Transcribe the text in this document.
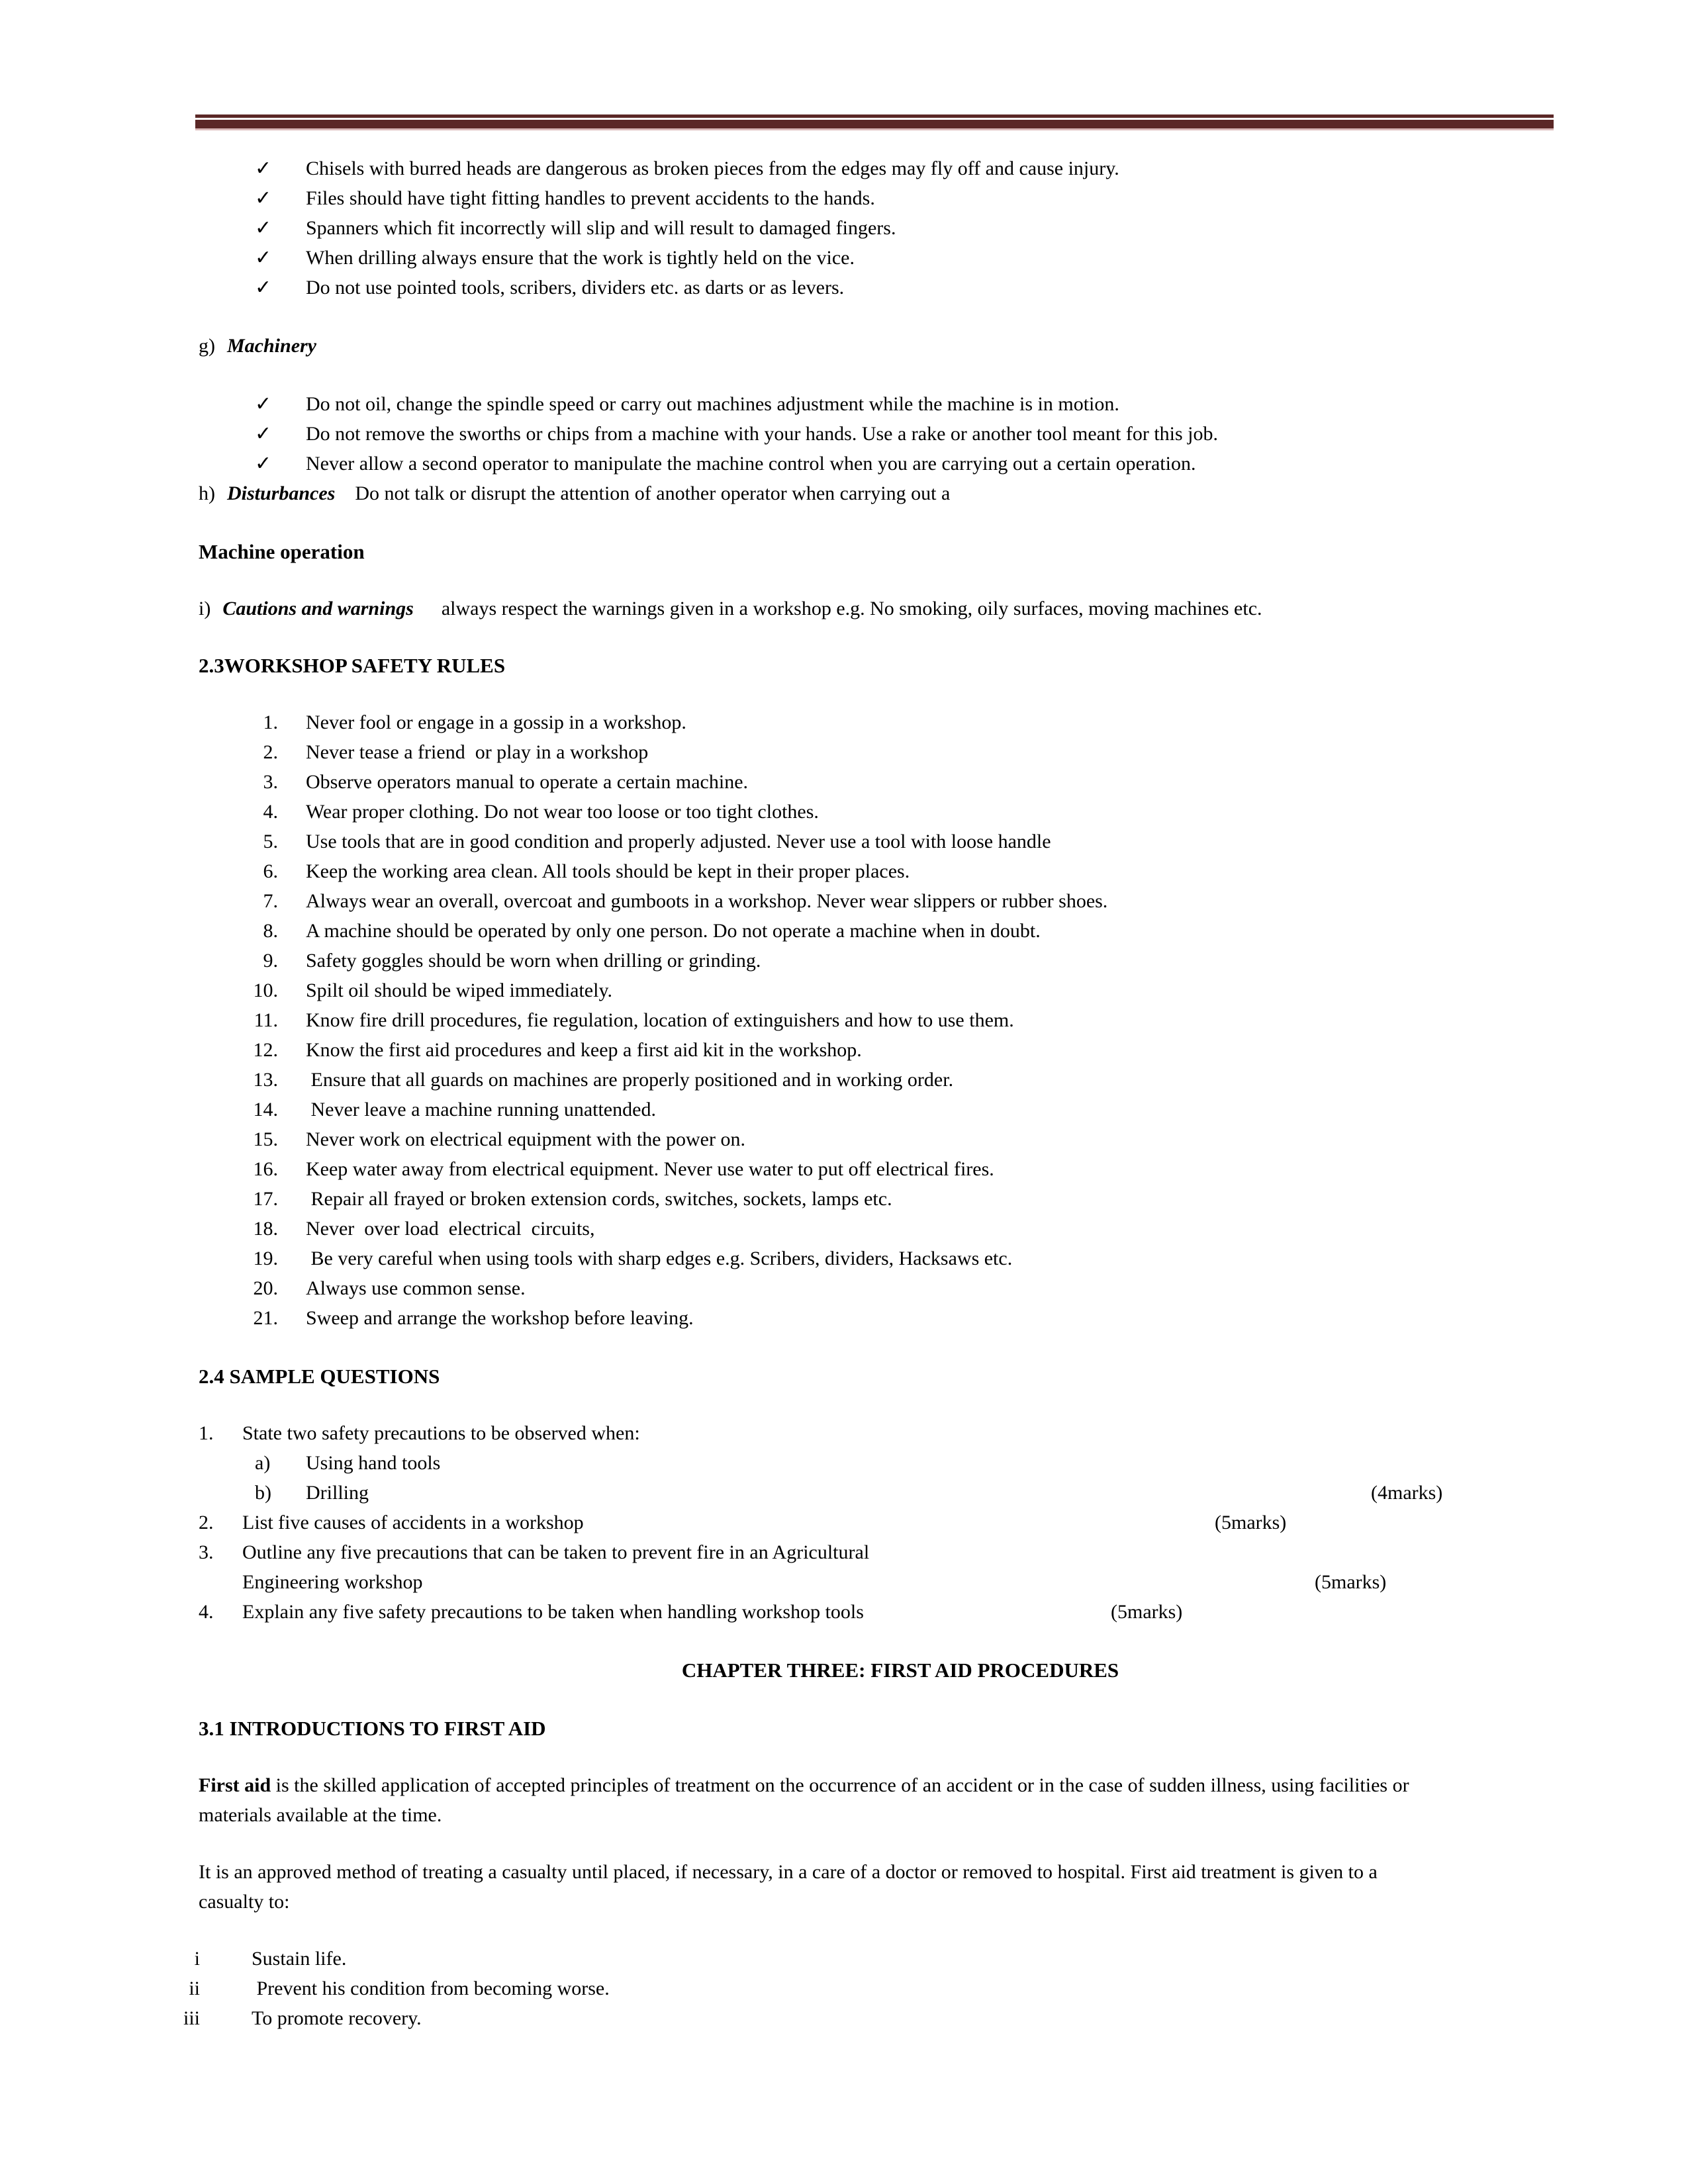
✓	Chisels with burred heads are dangerous as broken pieces from the edges may fly off and cause injury.
✓	Files should have tight fitting handles to prevent accidents to the hands.
✓	Spanners which fit incorrectly will slip and will result to damaged fingers.
✓	When drilling always ensure that the work is tightly held on the vice.
✓	Do not use pointed tools, scribers, dividers etc. as darts or as levers.
g) Machinery
✓	Do not oil, change the spindle speed or carry out machines adjustment while the machine is in motion.
✓	Do not remove the sworths or chips from a machine with your hands. Use a rake or another tool meant for this job.
✓	Never allow a second operator to manipulate the machine control when you are carrying out a certain operation.
h) Disturbances Do not talk or disrupt the attention of another operator when carrying out a
Machine operation
i) Cautions and warnings always respect the warnings given in a workshop e.g. No smoking, oily surfaces, moving machines etc.
2.3WORKSHOP SAFETY RULES
1. Never fool or engage in a gossip in a workshop.
2. Never tease a friend  or play in a workshop
3. Observe operators manual to operate a certain machine.
4. Wear proper clothing. Do not wear too loose or too tight clothes.
5. Use tools that are in good condition and properly adjusted. Never use a tool with loose handle
6. Keep the working area clean. All tools should be kept in their proper places.
7. Always wear an overall, overcoat and gumboots in a workshop. Never wear slippers or rubber shoes.
8. A machine should be operated by only one person. Do not operate a machine when in doubt.
9. Safety goggles should be worn when drilling or grinding.
10. Spilt oil should be wiped immediately.
11. Know fire drill procedures, fie regulation, location of extinguishers and how to use them.
12. Know the first aid procedures and keep a first aid kit in the workshop.
13. Ensure that all guards on machines are properly positioned and in working order.
14. Never leave a machine running unattended.
15. Never work on electrical equipment with the power on.
16. Keep water away from electrical equipment. Never use water to put off electrical fires.
17. Repair all frayed or broken extension cords, switches, sockets, lamps etc.
18. Never  over load  electrical  circuits,
19. Be very careful when using tools with sharp edges e.g. Scribers, dividers, Hacksaws etc.
20. Always use common sense.
21. Sweep and arrange the workshop before leaving.
2.4 SAMPLE QUESTIONS
1.	State two safety precautions to be observed when:
a)	Using hand tools
b)	Drilling	(4marks)
2.	List five causes of accidents in a workshop	(5marks)
3.	Outline any five precautions that can be taken to prevent fire in an Agricultural
Engineering workshop	(5marks)
4.	Explain any five safety precautions to be taken when handling workshop tools	(5marks)
CHAPTER THREE: FIRST AID PROCEDURES
3.1 INTRODUCTIONS TO FIRST AID
First aid is the skilled application of accepted principles of treatment on the occurrence of an accident or in the case of sudden illness, using facilities or
materials available at the time.
It is an approved method of treating a casualty until placed, if necessary, in a care of a doctor or removed to hospital. First aid treatment is given to a
casualty to:
i	Sustain life.
ii	Prevent his condition from becoming worse.
iii	To promote recovery.
